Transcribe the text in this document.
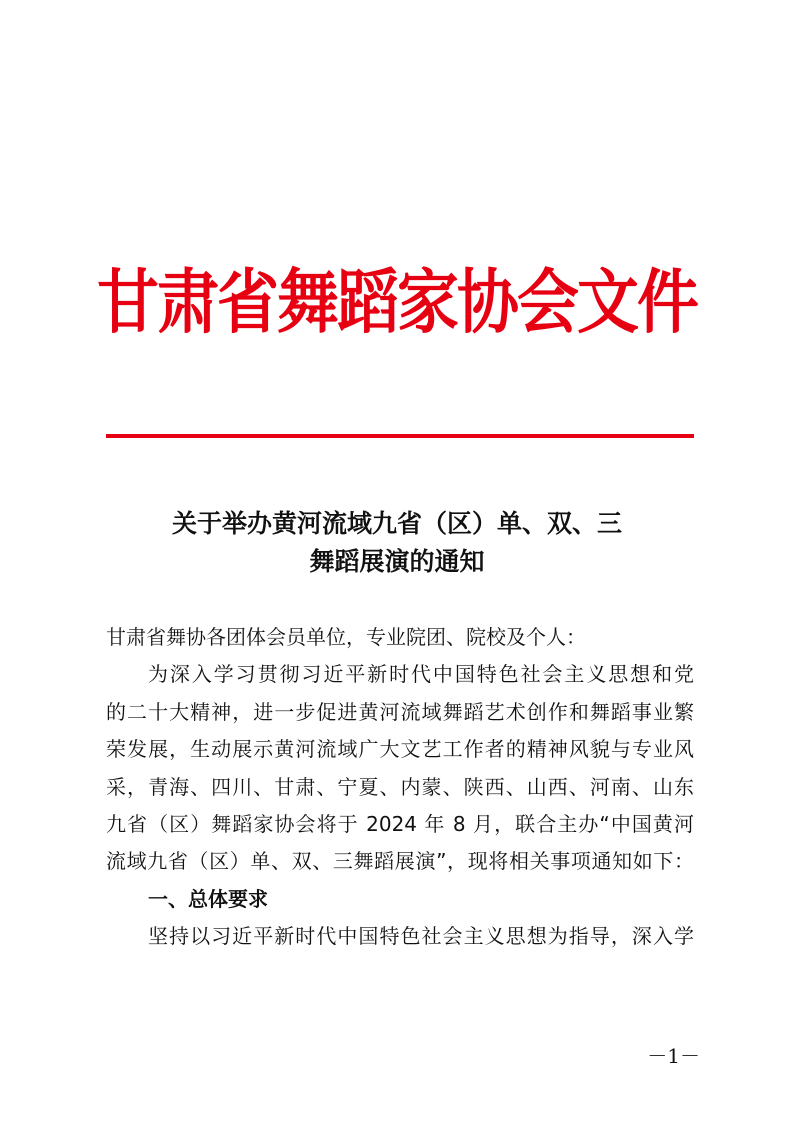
甘肃省舞蹈家协会文件
关于举办黄河流域九省（区）单、双、三
舞蹈展演的通知
甘肃省舞协各团体会员单位，专业院团、院校及个人：
为深入学习贯彻习近平新时代中国特色社会主义思想和党
的二十大精神，进一步促进黄河流域舞蹈艺术创作和舞蹈事业繁
荣发展，生动展示黄河流域广大文艺工作者的精神风貌与专业风
采，青海、四川、甘肃、宁夏、内蒙、陕西、山西、河南、山东
九省（区）舞蹈家协会将于 2024 年 8 月，联合主办“中国黄河
流域九省（区）单、双、三舞蹈展演”，现将相关事项通知如下：
一、总体要求
坚持以习近平新时代中国特色社会主义思想为指导，深入学
－1－
